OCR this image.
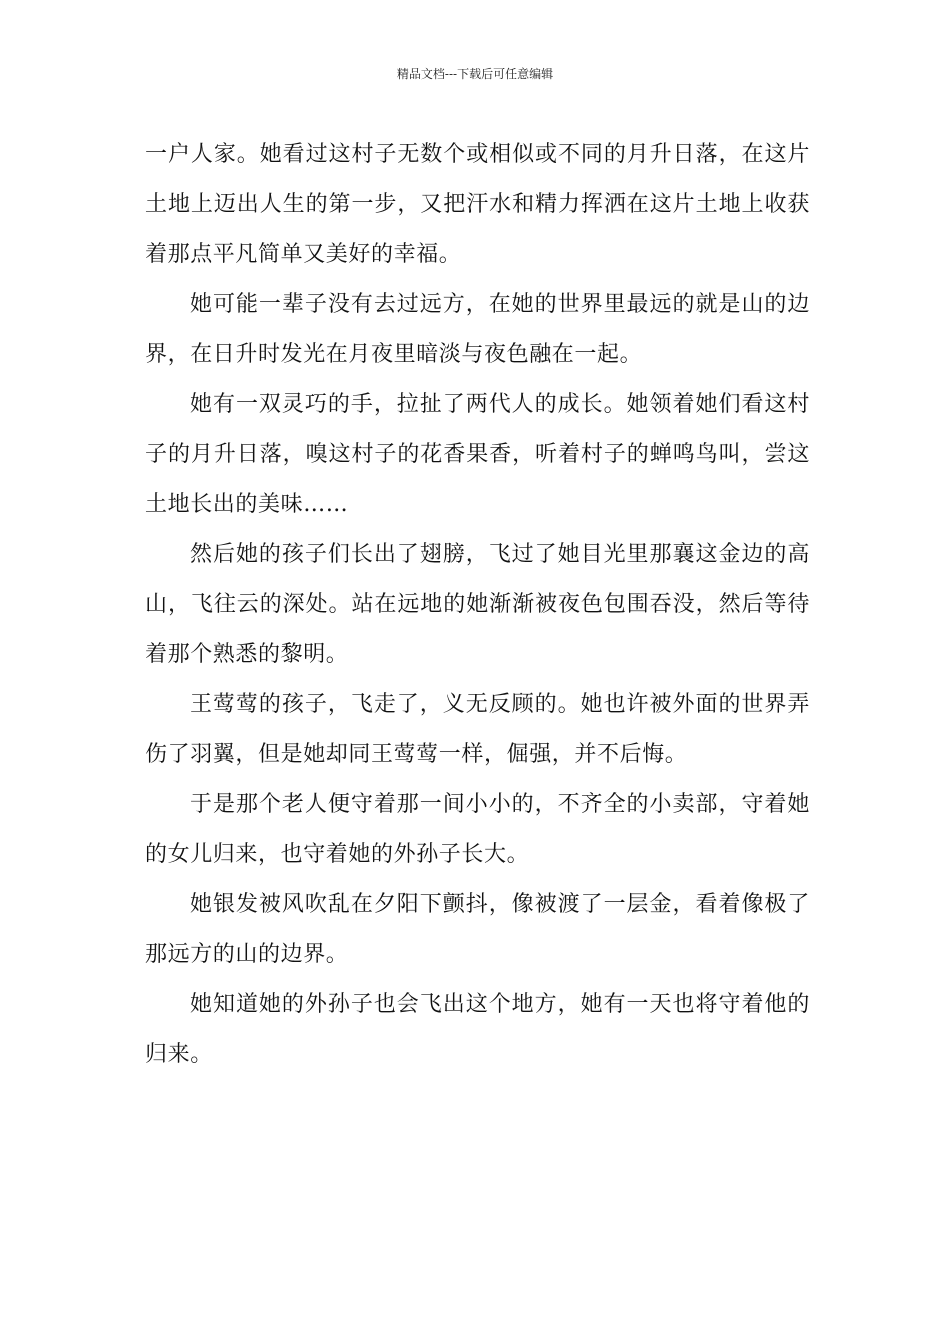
精品文档---下载后可任意编辑

一户人家。她看过这村子无数个或相似或不同的月升日落，在这片土地上迈出人生的第一步，又把汗水和精力挥洒在这片土地上收获着那点平凡简单又美好的幸福。

她可能一辈子没有去过远方，在她的世界里最远的就是山的边界，在日升时发光在月夜里暗淡与夜色融在一起。

她有一双灵巧的手，拉扯了两代人的成长。她领着她们看这村子的月升日落，嗅这村子的花香果香，听着村子的蝉鸣鸟叫，尝这土地长出的美味……

然后她的孩子们长出了翅膀，飞过了她目光里那襄这金边的高山，飞往云的深处。站在远地的她渐渐被夜色包围吞没，然后等待着那个熟悉的黎明。

王莺莺的孩子，飞走了，义无反顾的。她也许被外面的世界弄伤了羽翼，但是她却同王莺莺一样，倔强，并不后悔。

于是那个老人便守着那一间小小的，不齐全的小卖部，守着她的女儿归来，也守着她的外孙子长大。

她银发被风吹乱在夕阳下颤抖，像被渡了一层金，看着像极了那远方的山的边界。

她知道她的外孙子也会飞出这个地方，她有一天也将守着他的归来。
